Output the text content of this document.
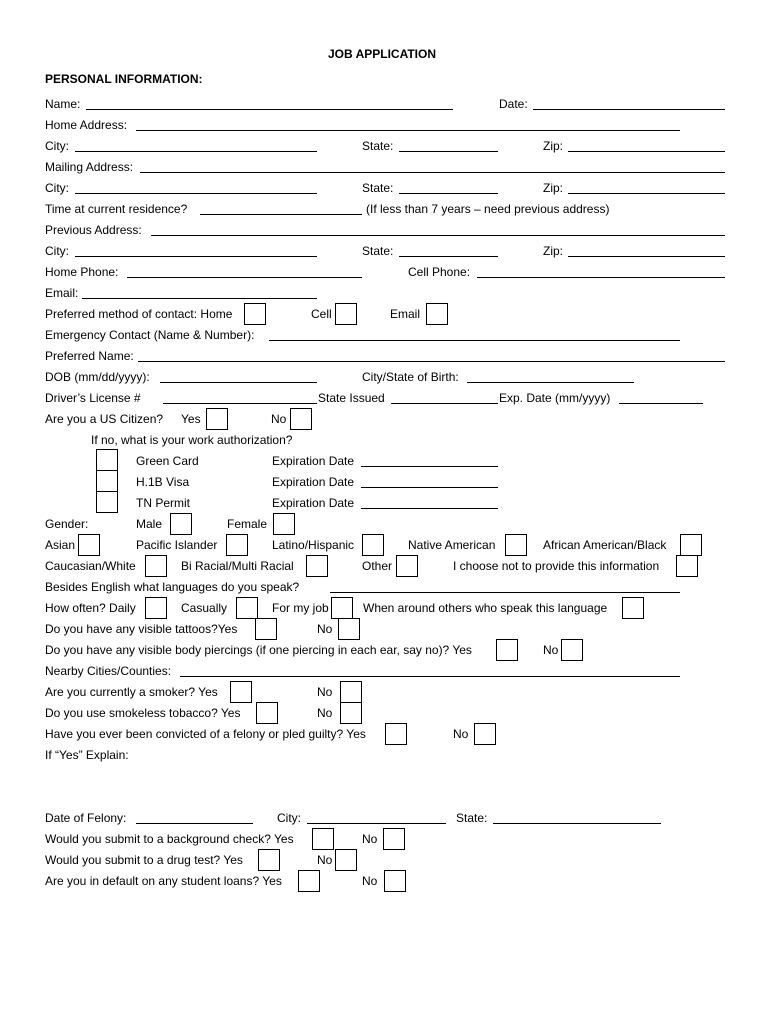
JOB APPLICATION
PERSONAL INFORMATION:
Name:	Date:
Home Address:
City:	State:	Zip:
Mailing Address:
City:	State:	Zip:
Time at current residence?	(If less than 7 years – need previous address)
Previous Address:
City:	State:	Zip:
Home Phone:	Cell Phone:
Email:
Preferred method of contact: Home	Cell	Email
Emergency Contact (Name & Number):
Preferred Name:
DOB (mm/dd/yyyy):	City/State of Birth:
Driver’s License #	State Issued	Exp. Date (mm/yyyy)
Are you a US Citizen? Yes	No
If no, what is your work authorization?
Green Card	Expiration Date
H.1B Visa	Expiration Date
TN Permit	Expiration Date
Gender:	Male	Female
Asian	Pacific Islander	Latino/Hispanic	Native American	African American/Black
Caucasian/White	Bi Racial/Multi Racial	Other	I choose not to provide this information
Besides English what languages do you speak?
How often? Daily	Casually	For my job	When around others who speak this language
Do you have any visible tattoos?Yes	No
Do you have any visible body piercings (if one piercing in each ear, say no)? Yes	No
Nearby Cities/Counties:
Are you currently a smoker? Yes	No
Do you use smokeless tobacco? Yes	No
Have you ever been convicted of a felony or pled guilty? Yes	No
If “Yes” Explain:
Date of Felony:	City:	State:
Would you submit to a background check? Yes	No
Would you submit to a drug test? Yes	No
Are you in default on any student loans? Yes	No
